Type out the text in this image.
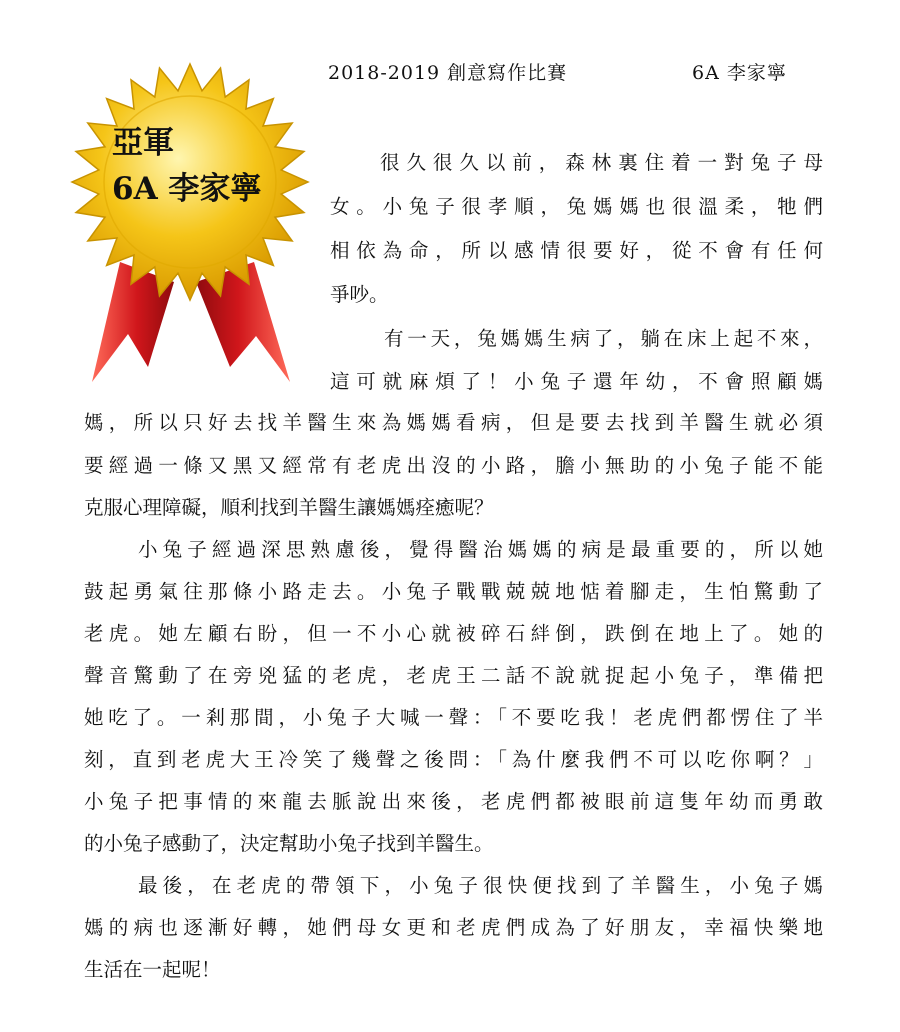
亞軍
6A 李家寧
2018-2019 創意寫作比賽	6A 李家寧
很久很久以前，森林裏住着一對兔子母
女。小兔子很孝順，兔媽媽也很溫柔，牠們
相依為命，所以感情很要好，從不會有任何
爭吵。
有一天，兔媽媽生病了，躺在床上起不來，
這可就麻煩了！小兔子還年幼，不會照顧媽
媽，所以只好去找羊醫生來為媽媽看病，但是要去找到羊醫生就必須
要經過一條又黑又經常有老虎出沒的小路，膽小無助的小兔子能不能
克服心理障礙，順利找到羊醫生讓媽媽痊癒呢？
小兔子經過深思熟慮後，覺得醫治媽媽的病是最重要的，所以她
鼓起勇氣往那條小路走去。小兔子戰戰兢兢地惦着腳走，生怕驚動了
老虎。她左顧右盼，但一不小心就被碎石絆倒，跌倒在地上了。她的
聲音驚動了在旁兇猛的老虎，老虎王二話不說就捉起小兔子，準備把
她吃了。一剎那間，小兔子大喊一聲：「不要吃我！老虎們都愣住了半
刻，直到老虎大王冷笑了幾聲之後問：「為什麼我們不可以吃你啊？」
小兔子把事情的來龍去脈說出來後，老虎們都被眼前這隻年幼而勇敢
的小兔子感動了，決定幫助小兔子找到羊醫生。
最後，在老虎的帶領下，小兔子很快便找到了羊醫生，小兔子媽
媽的病也逐漸好轉，她們母女更和老虎們成為了好朋友，幸福快樂地
生活在一起呢！
